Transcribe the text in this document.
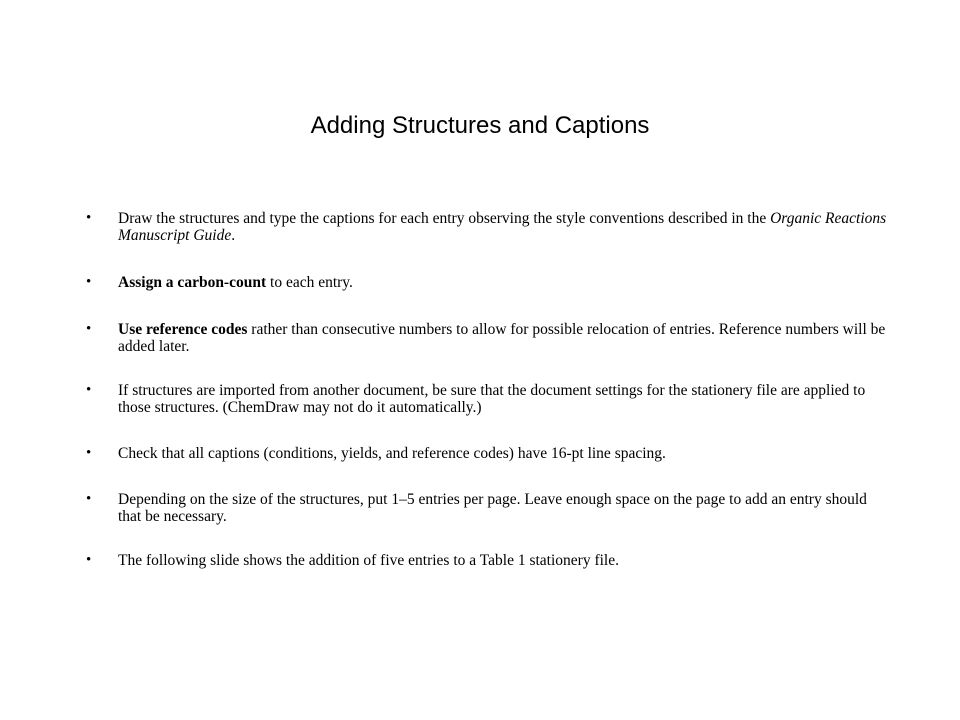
Adding Structures and Captions
•	Draw the structures and type the captions for each entry observing the style conventions described in the Organic Reactions Manuscript Guide.
•	Assign a carbon-count to each entry.
•	Use reference codes rather than consecutive numbers to allow for possible relocation of entries. Reference numbers will be added later.
•	If structures are imported from another document, be sure that the document settings for the stationery file are applied to those structures. (ChemDraw may not do it automatically.)
•	Check that all captions (conditions, yields, and reference codes) have 16-pt line spacing.
•	Depending on the size of the structures, put 1–5 entries per page. Leave enough space on the page to add an entry should that be necessary.
•	The following slide shows the addition of five entries to a Table 1 stationery file.
